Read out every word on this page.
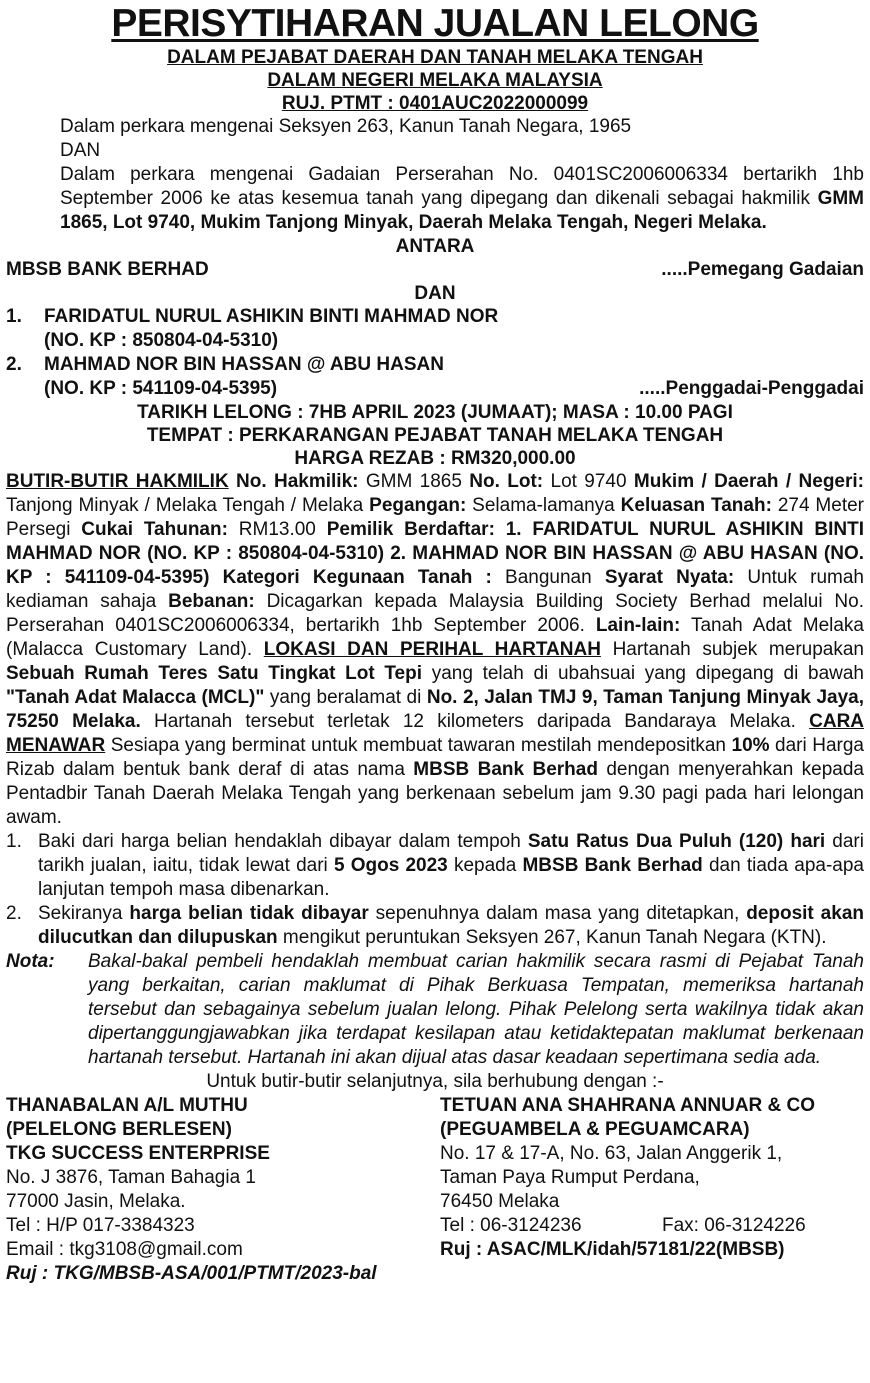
PERISYTIHARAN JUALAN LELONG
DALAM PEJABAT DAERAH DAN TANAH MELAKA TENGAH
DALAM NEGERI MELAKA MALAYSIA
RUJ. PTMT : 0401AUC2022000099
Dalam perkara mengenai Seksyen 263, Kanun Tanah Negara, 1965
DAN
Dalam perkara mengenai Gadaian Perserahan No. 0401SC2006006334 bertarikh 1hb September 2006 ke atas kesemua tanah yang dipegang dan dikenali sebagai hakmilik GMM 1865, Lot 9740, Mukim Tanjong Minyak, Daerah Melaka Tengah, Negeri Melaka.
ANTARA
MBSB BANK BERHAD	.....Pemegang Gadaian
DAN
1.	FARIDATUL NURUL ASHIKIN BINTI MAHMAD NOR
(NO. KP : 850804-04-5310)
2.	MAHMAD NOR BIN HASSAN @ ABU HASAN
(NO. KP : 541109-04-5395)	.....Penggadai-Penggadai
TARIKH LELONG : 7HB APRIL 2023 (JUMAAT); MASA : 10.00 PAGI
TEMPAT : PERKARANGAN PEJABAT TANAH MELAKA TENGAH
HARGA REZAB : RM320,000.00
BUTIR-BUTIR HAKMILIK No. Hakmilik: GMM 1865 No. Lot: Lot 9740 Mukim / Daerah / Negeri: Tanjong Minyak / Melaka Tengah / Melaka Pegangan: Selama-lamanya Keluasan Tanah: 274 Meter Persegi Cukai Tahunan: RM13.00 Pemilik Berdaftar: 1. FARIDATUL NURUL ASHIKIN BINTI MAHMAD NOR (NO. KP : 850804-04-5310) 2. MAHMAD NOR BIN HASSAN @ ABU HASAN (NO. KP : 541109-04-5395) Kategori Kegunaan Tanah : Bangunan Syarat Nyata: Untuk rumah kediaman sahaja Bebanan: Dicagarkan kepada Malaysia Building Society Berhad melalui No. Perserahan 0401SC2006006334, bertarikh 1hb September 2006. Lain-lain: Tanah Adat Melaka (Malacca Customary Land). LOKASI DAN PERIHAL HARTANAH Hartanah subjek merupakan Sebuah Rumah Teres Satu Tingkat Lot Tepi yang telah di ubahsuai yang dipegang di bawah "Tanah Adat Malacca (MCL)" yang beralamat di No. 2, Jalan TMJ 9, Taman Tanjung Minyak Jaya, 75250 Melaka. Hartanah tersebut terletak 12 kilometers daripada Bandaraya Melaka. CARA MENAWAR Sesiapa yang berminat untuk membuat tawaran mestilah mendepositkan 10% dari Harga Rizab dalam bentuk bank deraf di atas nama MBSB Bank Berhad dengan menyerahkan kepada Pentadbir Tanah Daerah Melaka Tengah yang berkenaan sebelum jam 9.30 pagi pada hari lelongan awam.
1. Baki dari harga belian hendaklah dibayar dalam tempoh Satu Ratus Dua Puluh (120) hari dari tarikh jualan, iaitu, tidak lewat dari 5 Ogos 2023 kepada MBSB Bank Berhad dan tiada apa-apa lanjutan tempoh masa dibenarkan.
2. Sekiranya harga belian tidak dibayar sepenuhnya dalam masa yang ditetapkan, deposit akan dilucutkan dan dilupuskan mengikut peruntukan Seksyen 267, Kanun Tanah Negara (KTN).
Nota:	Bakal-bakal pembeli hendaklah membuat carian hakmilik secara rasmi di Pejabat Tanah yang berkaitan, carian maklumat di Pihak Berkuasa Tempatan, memeriksa hartanah tersebut dan sebagainya sebelum jualan lelong. Pihak Pelelong serta wakilnya tidak akan dipertanggungjawabkan jika terdapat kesilapan atau ketidaktepatan maklumat berkenaan hartanah tersebut. Hartanah ini akan dijual atas dasar keadaan sepertimana sedia ada.
Untuk butir-butir selanjutnya, sila berhubung dengan :-
THANABALAN A/L MUTHU
(PELELONG BERLESEN)
TKG SUCCESS ENTERPRISE
No. J 3876, Taman Bahagia 1
77000 Jasin, Melaka.
Tel : H/P 017-3384323
Email : tkg3108@gmail.com
TETUAN ANA SHAHRANA ANNUAR & CO
(PEGUAMBELA & PEGUAMCARA)
No. 17 & 17-A, No. 63, Jalan Anggerik 1,
Taman Paya Rumput Perdana,
76450 Melaka
Tel : 06-3124236	Fax: 06-3124226
Ruj : ASAC/MLK/idah/57181/22(MBSB)
Ruj : TKG/MBSB-ASA/001/PTMT/2023-bal
